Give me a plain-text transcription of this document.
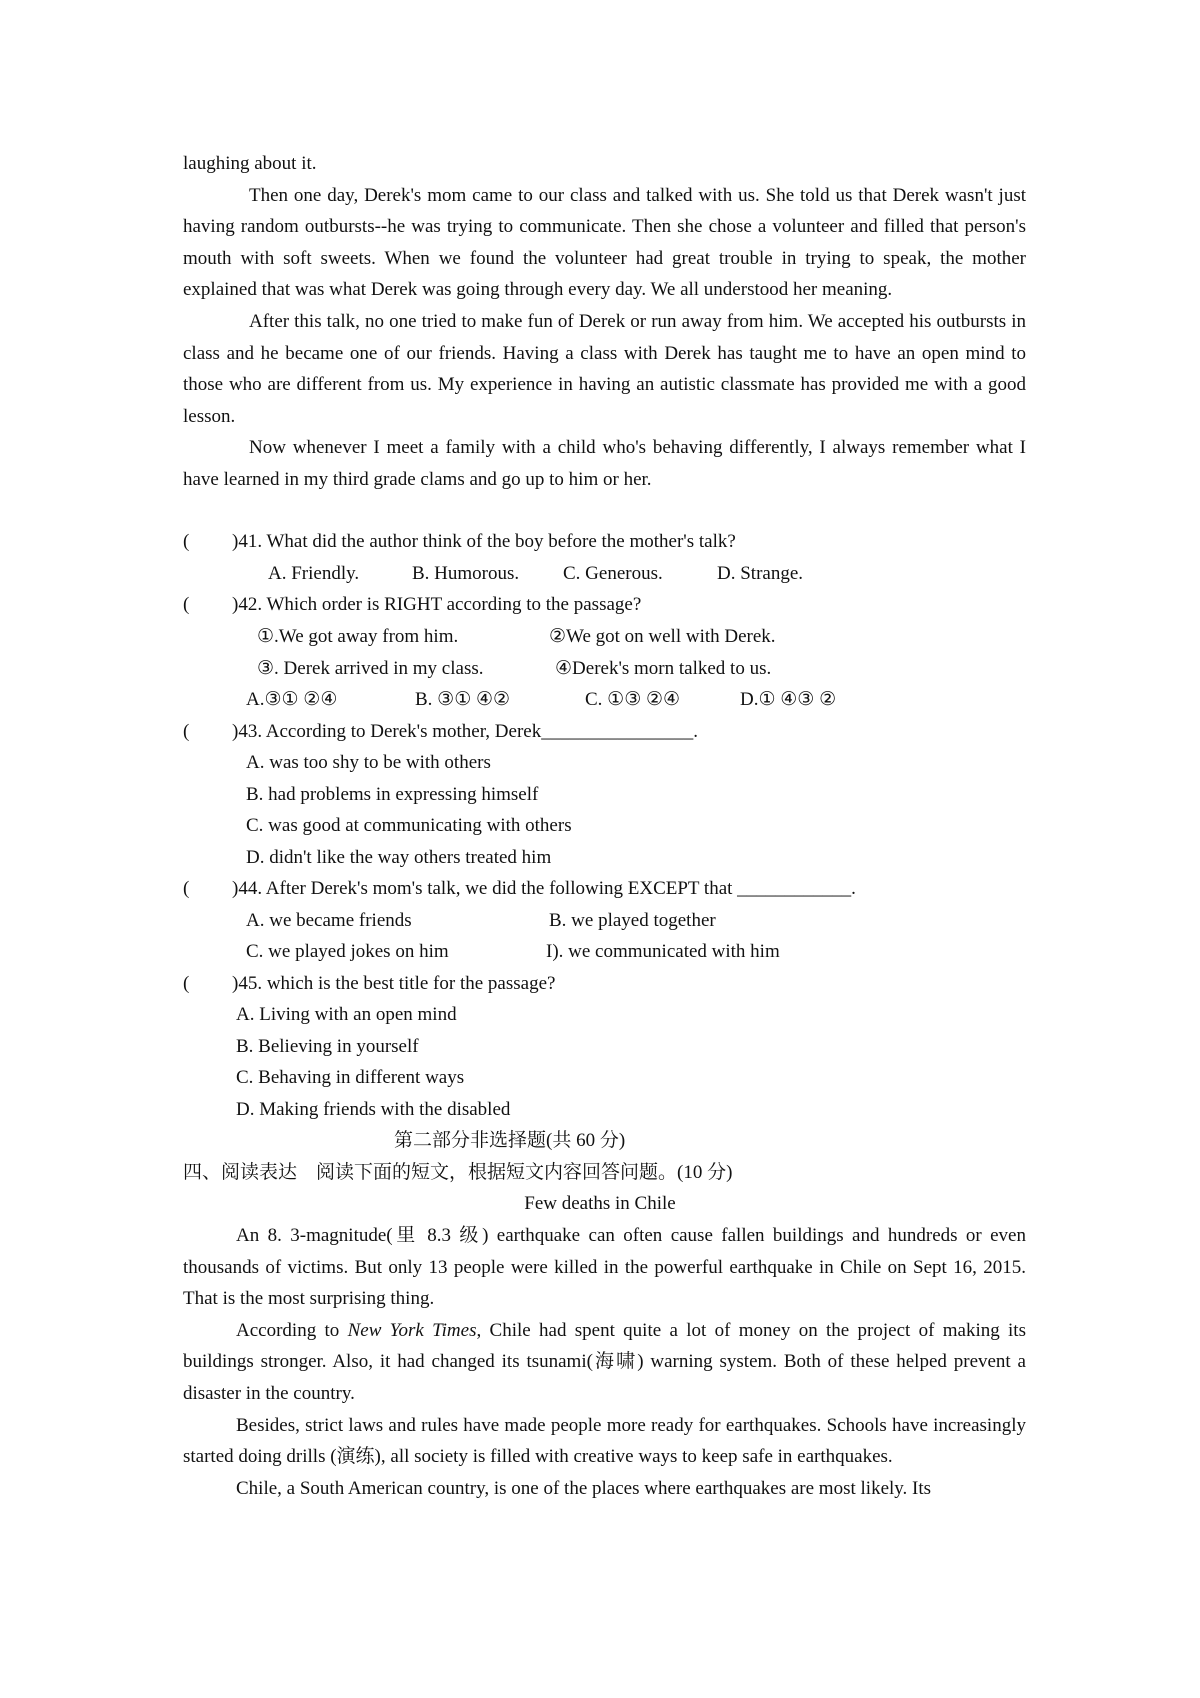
laughing about it.

Then one day, Derek's mom came to our class and talked with us. She told us that Derek wasn't just having random outbursts--he was trying to communicate. Then she chose a volunteer and filled that person's mouth with soft sweets. When we found the volunteer had great trouble in trying to speak, the mother explained that was what Derek was going through every day. We all understood her meaning.

After this talk, no one tried to make fun of Derek or run away from him. We accepted his outbursts in class and he became one of our friends. Having a class with Derek has taught me to have an open mind to those who are different from us. My experience in having an autistic classmate has provided me with a good lesson.

Now whenever I meet a family with a child who's behaving differently, I always remember what I have learned in my third grade clams and go up to him or her.

( )41. What did the author think of the boy before the mother's talk?
A. Friendly.	B. Humorous. C. Generous.	D. Strange.
( )42. Which order is RIGHT according to the passage?
①.We got away from him.	②We got on well with Derek.
③. Derek arrived in my class.	④Derek's morn talked to us.
A.③① ②④	B. ③① ④②	C. ①③ ②④	D.① ④③ ②
( )43. According to Derek's mother, Derek________________.
A. was too shy to be with others
B. had problems in expressing himself
C. was good at communicating with others
D. didn't like the way others treated him
( )44. After Derek's mom's talk, we did the following EXCEPT that ____________.
A. we became friends	B. we played together
C. we played jokes on him	I). we communicated with him
( )45. which is the best title for the passage?
A. Living with an open mind
B. Believing in yourself
C. Behaving in different ways
D. Making friends with the disabled
第二部分非选择题(共 60 分)
四、阅读表达　阅读下面的短文，根据短文内容回答问题。(10 分)
Few deaths in Chile

An 8. 3-magnitude(里 8.3 级) earthquake can often cause fallen buildings and hundreds or even thousands of victims. But only 13 people were killed in the powerful earthquake in Chile on Sept 16, 2015. That is the most surprising thing.

According to New York Times, Chile had spent quite a lot of money on the project of making its buildings stronger. Also, it had changed its tsunami(海啸) warning system. Both of these helped prevent a disaster in the country.

Besides, strict laws and rules have made people more ready for earthquakes. Schools have increasingly started doing drills (演练), all society is filled with creative ways to keep safe in earthquakes.

Chile, a South American country, is one of the places where earthquakes are most likely. Its
